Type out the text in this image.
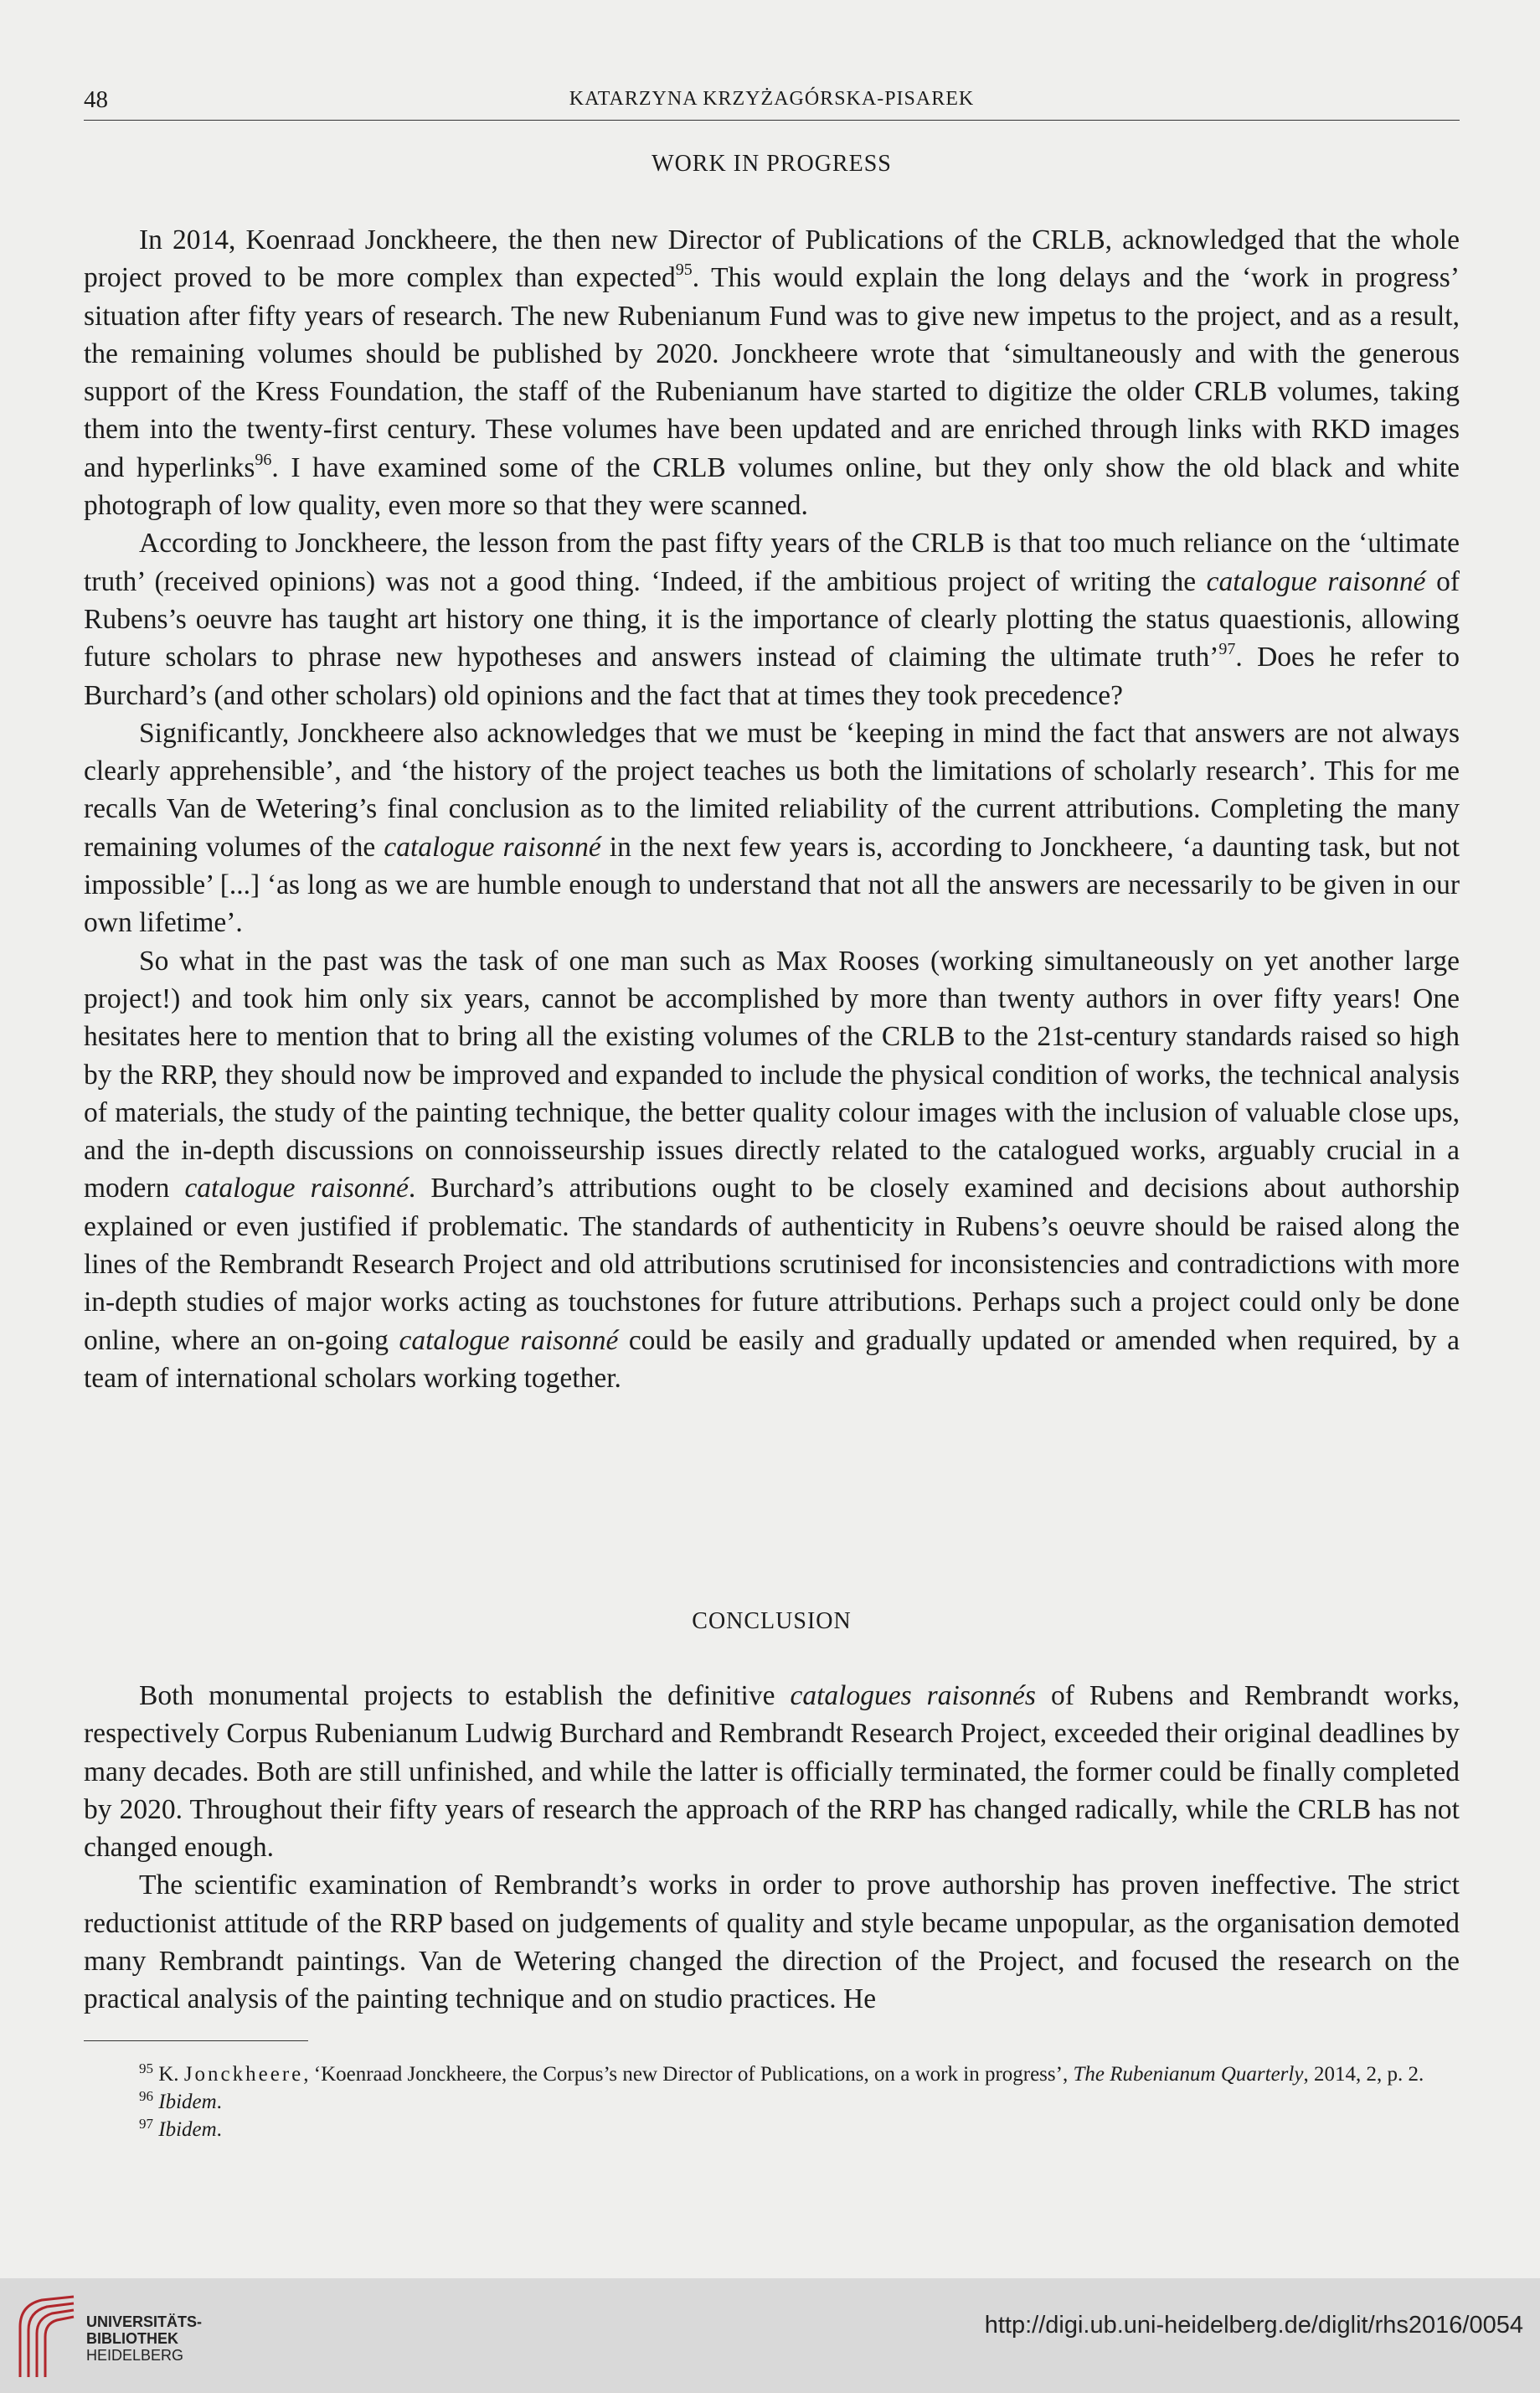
48	KATARZYNA KRZYŻAGÓRSKA-PISAREK
WORK IN PROGRESS

In 2014, Koenraad Jonckheere, the then new Director of Publications of the CRLB, acknowledged that the whole project proved to be more complex than expected$^{95}$. This would explain the long delays and the ‘work in progress’ situation after fifty years of research. The new Rubenianum Fund was to give new impetus to the project, and as a result, the remaining volumes should be published by 2020. Jonckheere wrote that ‘simultaneously and with the generous support of the Kress Foundation, the staff of the Rubenianum have started to digitize the older CRLB volumes, taking them into the twenty-first century. These volumes have been updated and are enriched through links with RKD images and hyperlinks$^{96}$. I have examined some of the CRLB volumes online, but they only show the old black and white photograph of low quality, even more so that they were scanned.

According to Jonckheere, the lesson from the past fifty years of the CRLB is that too much reliance on the ‘ultimate truth’ (received opinions) was not a good thing. ‘Indeed, if the ambitious project of writing the catalogue raisonné of Rubens’s oeuvre has taught art history one thing, it is the importance of clearly plotting the status quaestionis, allowing future scholars to phrase new hypotheses and answers instead of claiming the ultimate truth’$^{97}$. Does he refer to Burchard’s (and other scholars) old opinions and the fact that at times they took precedence?

Significantly, Jonckheere also acknowledges that we must be ‘keeping in mind the fact that answers are not always clearly apprehensible’, and ‘the history of the project teaches us both the limitations of scholarly research’. This for me recalls Van de Wetering’s final conclusion as to the limited reliability of the current attributions. Completing the many remaining volumes of the catalogue raisonné in the next few years is, according to Jonckheere, ‘a daunting task, but not impossible’ [...] ‘as long as we are humble enough to understand that not all the answers are necessarily to be given in our own lifetime’.

So what in the past was the task of one man such as Max Rooses (working simultaneously on yet another large project!) and took him only six years, cannot be accomplished by more than twenty authors in over fifty years! One hesitates here to mention that to bring all the existing volumes of the CRLB to the 21st-century standards raised so high by the RRP, they should now be improved and expanded to include the physical condition of works, the technical analysis of materials, the study of the painting technique, the better quality colour images with the inclusion of valuable close ups, and the in-depth discussions on connoisseurship issues directly related to the catalogued works, arguably crucial in a modern catalogue raisonné. Burchard’s attributions ought to be closely examined and decisions about authorship explained or even justified if problematic. The standards of authenticity in Rubens’s oeuvre should be raised along the lines of the Rembrandt Research Project and old attributions scrutinised for inconsistencies and contradictions with more in-depth studies of major works acting as touchstones for future attributions. Perhaps such a project could only be done online, where an on-going catalogue raisonné could be easily and gradually updated or amended when required, by a team of international scholars working together.

CONCLUSION

Both monumental projects to establish the definitive catalogues raisonnés of Rubens and Rembrandt works, respectively Corpus Rubenianum Ludwig Burchard and Rembrandt Research Project, exceeded their original deadlines by many decades. Both are still unfinished, and while the latter is officially terminated, the former could be finally completed by 2020. Throughout their fifty years of research the approach of the RRP has changed radically, while the CRLB has not changed enough.

The scientific examination of Rembrandt’s works in order to prove authorship has proven ineffective. The strict reductionist attitude of the RRP based on judgements of quality and style became unpopular, as the organisation demoted many Rembrandt paintings. Van de Wetering changed the direction of the Project, and focused the research on the practical analysis of the painting technique and on studio practices. He

$^{95}$ K. Jonckheere, ‘Koenraad Jonckheere, the Corpus’s new Director of Publications, on a work in progress’, The Rubenianum Quarterly, 2014, 2, p. 2.

$^{96}$ Ibidem.

$^{97}$ Ibidem.

UNIVERSITÄTS-
BIBLIOTHEK
HEIDELBERG
http://digi.ub.uni-heidelberg.de/diglit/rhs2016/0054
